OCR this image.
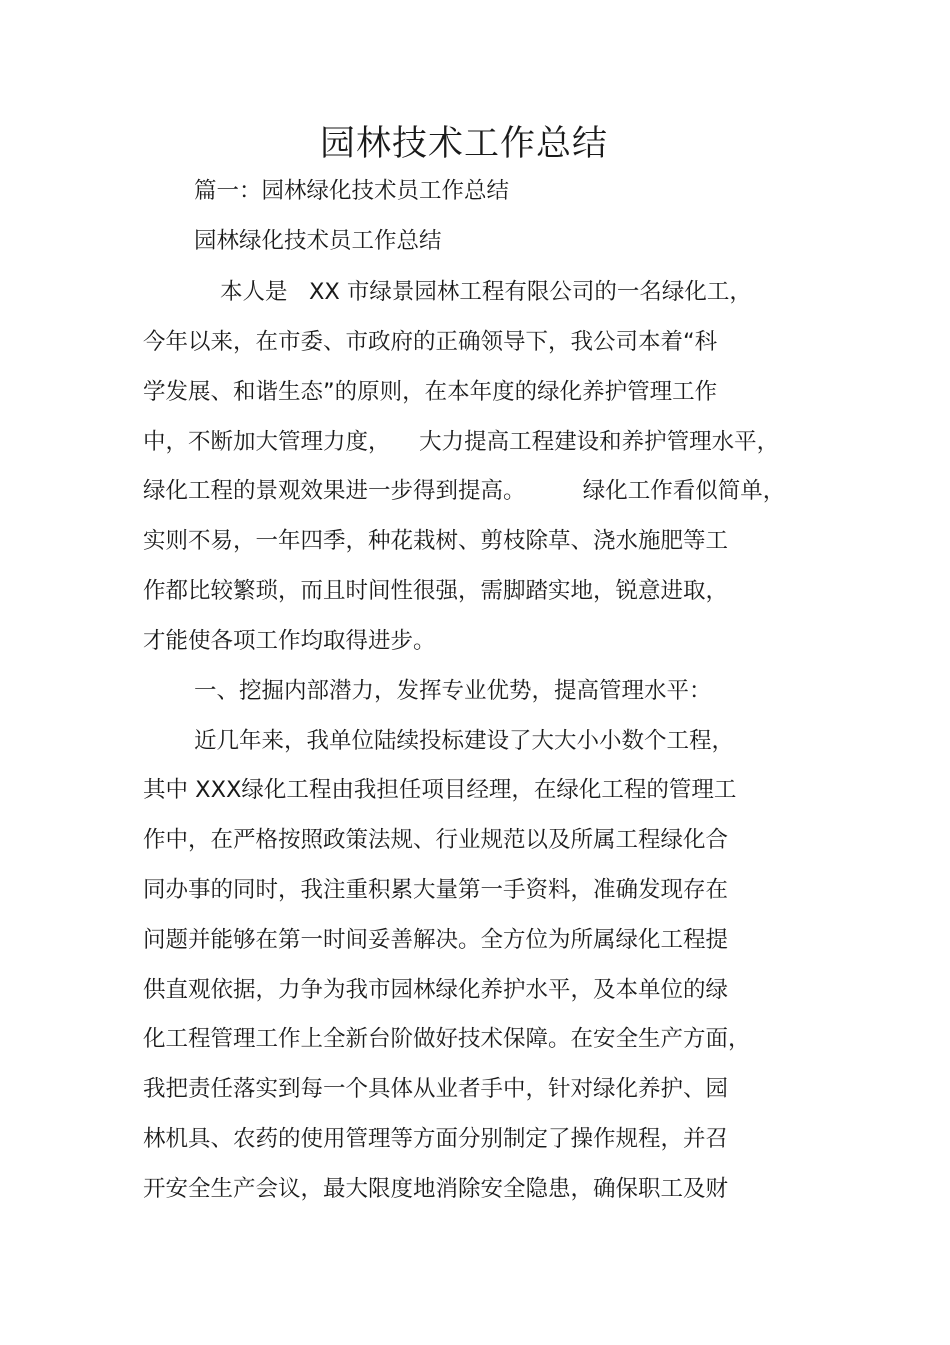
园林技术工作总结

篇一：园林绿化技术员工作总结

园林绿化技术员工作总结

本人是   XX 市绿景园林工程有限公司的一名绿化工，

今年以来，在市委、市政府的正确领导下，我公司本着“科

学发展、和谐生态”的原则，在本年度的绿化养护管理工作

中，不断加大管理力度，    大力提高工程建设和养护管理水平，

绿化工程的景观效果进一步得到提高。        绿化工作看似简单，

实则不易，一年四季，种花栽树、剪枝除草、浇水施肥等工

作都比较繁琐，而且时间性很强，需脚踏实地，锐意进取，

才能使各项工作均取得进步。

一、挖掘内部潜力，发挥专业优势，提高管理水平：

近几年来，我单位陆续投标建设了大大小小数个工程，

其中 XXX绿化工程由我担任项目经理，在绿化工程的管理工

作中，在严格按照政策法规、行业规范以及所属工程绿化合

同办事的同时，我注重积累大量第一手资料，准确发现存在

问题并能够在第一时间妥善解决。全方位为所属绿化工程提

供直观依据，力争为我市园林绿化养护水平，及本单位的绿

化工程管理工作上全新台阶做好技术保障。在安全生产方面，

我把责任落实到每一个具体从业者手中，针对绿化养护、园

林机具、农药的使用管理等方面分别制定了操作规程，并召

开安全生产会议，最大限度地消除安全隐患，确保职工及财
